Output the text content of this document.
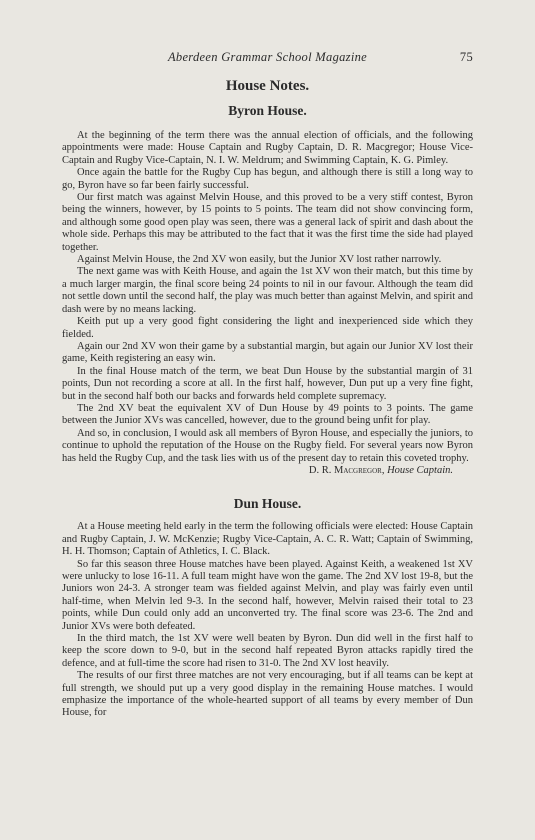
Aberdeen Grammar School Magazine	75
House Notes.
Byron House.

At the beginning of the term there was the annual election of officials, and the following appointments were made: House Captain and Rugby Captain, D. R. Macgregor; House Vice-Captain and Rugby Vice-Captain, N. I. W. Meldrum; and Swimming Captain, K. G. Pimley.

Once again the battle for the Rugby Cup has begun, and although there is still a long way to go, Byron have so far been fairly successful.

Our first match was against Melvin House, and this proved to be a very stiff contest, Byron being the winners, however, by 15 points to 5 points. The team did not show convincing form, and although some good open play was seen, there was a general lack of spirit and dash about the whole side. Perhaps this may be attributed to the fact that it was the first time the side had played together.

Against Melvin House, the 2nd XV won easily, but the Junior XV lost rather narrowly.

The next game was with Keith House, and again the 1st XV won their match, but this time by a much larger margin, the final score being 24 points to nil in our favour. Although the team did not settle down until the second half, the play was much better than against Melvin, and spirit and dash were by no means lacking.

Keith put up a very good fight considering the light and inexperienced side which they fielded.

Again our 2nd XV won their game by a substantial margin, but again our Junior XV lost their game, Keith registering an easy win.

In the final House match of the term, we beat Dun House by the substantial margin of 31 points, Dun not recording a score at all. In the first half, however, Dun put up a very fine fight, but in the second half both our backs and forwards held complete supremacy.

The 2nd XV beat the equivalent XV of Dun House by 49 points to 3 points. The game between the Junior XVs was cancelled, however, due to the ground being unfit for play.

And so, in conclusion, I would ask all members of Byron House, and especially the juniors, to continue to uphold the reputation of the House on the Rugby field. For several years now Byron has held the Rugby Cup, and the task lies with us of the present day to retain this coveted trophy.

D. R. Macgregor, House Captain.
Dun House.

At a House meeting held early in the term the following officials were elected: House Captain and Rugby Captain, J. W. McKenzie; Rugby Vice-Captain, A. C. R. Watt; Captain of Swimming, H. H. Thomson; Captain of Athletics, I. C. Black.

So far this season three House matches have been played. Against Keith, a weakened 1st XV were unlucky to lose 16-11. A full team might have won the game. The 2nd XV lost 19-8, but the Juniors won 24-3. A stronger team was fielded against Melvin, and play was fairly even until half-time, when Melvin led 9-3. In the second half, however, Melvin raised their total to 23 points, while Dun could only add an unconverted try. The final score was 23-6. The 2nd and Junior XVs were both defeated.

In the third match, the 1st XV were well beaten by Byron. Dun did well in the first half to keep the score down to 9-0, but in the second half repeated Byron attacks rapidly tired the defence, and at full-time the score had risen to 31-0. The 2nd XV lost heavily.

The results of our first three matches are not very encouraging, but if all teams can be kept at full strength, we should put up a very good display in the remaining House matches. I would emphasize the importance of the whole-hearted support of all teams by every member of Dun House, for
